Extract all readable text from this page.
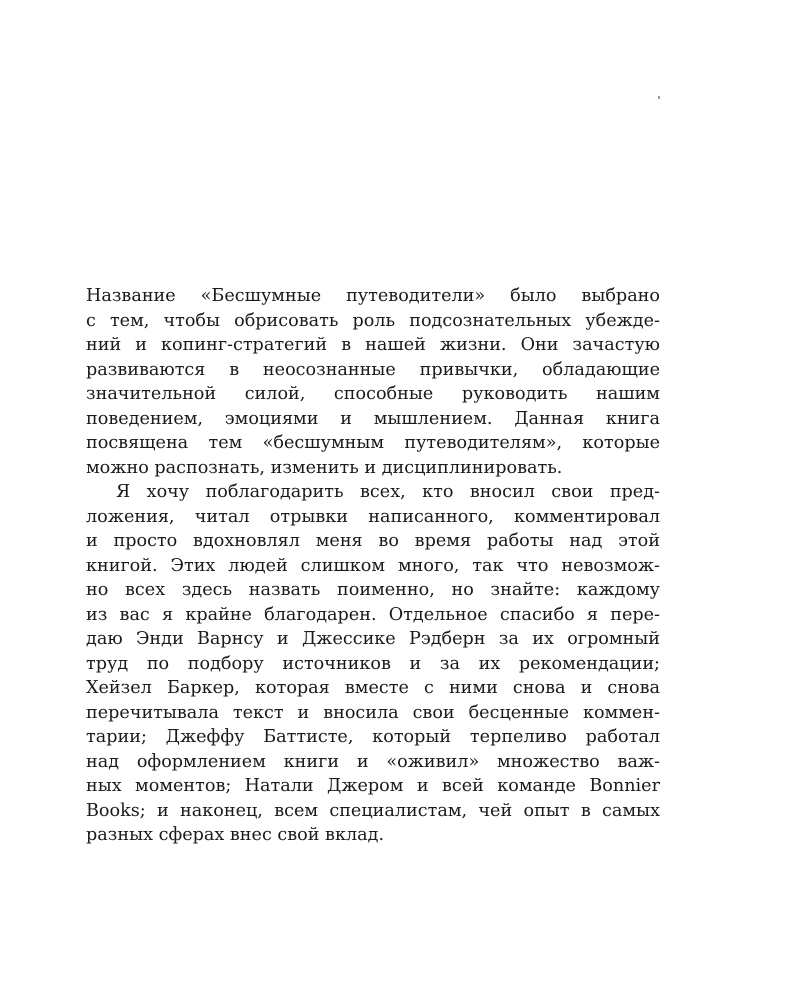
Название «Бесшумные путеводители» было выбрано
с тем, чтобы обрисовать роль подсознательных убежде-
ний и копинг-стратегий в нашей жизни. Они зачастую
развиваются в неосознанные привычки, обладающие
значительной силой, способные руководить нашим
поведением, эмоциями и мышлением. Данная книга
посвящена тем «бесшумным путеводителям», которые
можно распознать, изменить и дисциплинировать.
Я хочу поблагодарить всех, кто вносил свои пред-
ложения, читал отрывки написанного, комментировал
и просто вдохновлял меня во время работы над этой
книгой. Этих людей слишком много, так что невозмож-
но всех здесь назвать поименно, но знайте: каждому
из вас я крайне благодарен. Отдельное спасибо я пере-
даю Энди Варнсу и Джессике Рэдберн за их огромный
труд по подбору источников и за их рекомендации;
Хейзел Баркер, которая вместе с ними снова и снова
перечитывала текст и вносила свои бесценные коммен-
тарии; Джеффу Баттисте, который терпеливо работал
над оформлением книги и «оживил» множество важ-
ных моментов; Натали Джером и всей команде Bonnier
Books; и наконец, всем специалистам, чей опыт в самых
разных сферах внес свой вклад.
